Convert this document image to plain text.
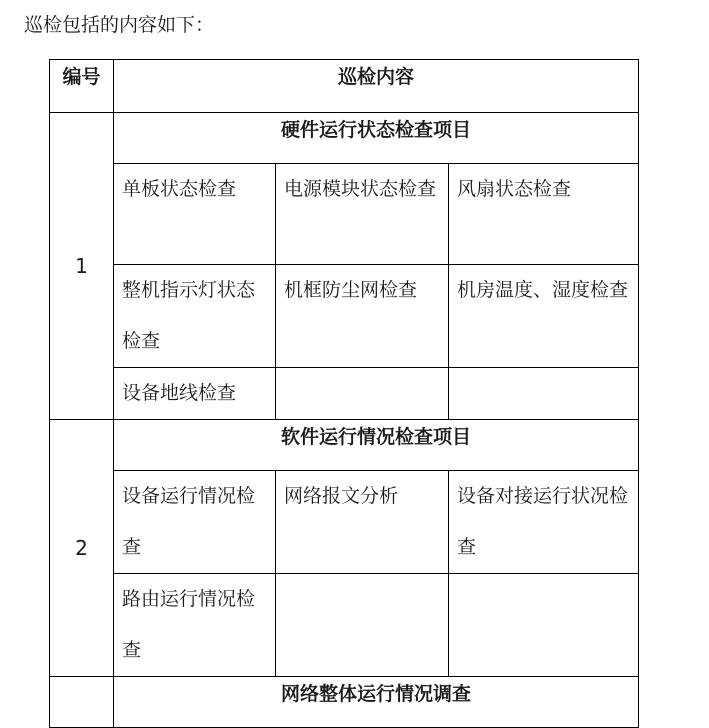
巡检包括的内容如下：
编号	巡检内容		
1	硬件运行状态检查项目		

	单板状态检查	电源模块状态检查	风扇状态检查

	整机指示灯状态检查	机框防尘网检查	机房温度、湿度检查

	设备地线检查		

2	软件运行情况检查项目		

	设备运行情况检查	网络报文分析	设备对接运行状况检查

	路由运行情况检查		

	网络整体运行情况调查		
